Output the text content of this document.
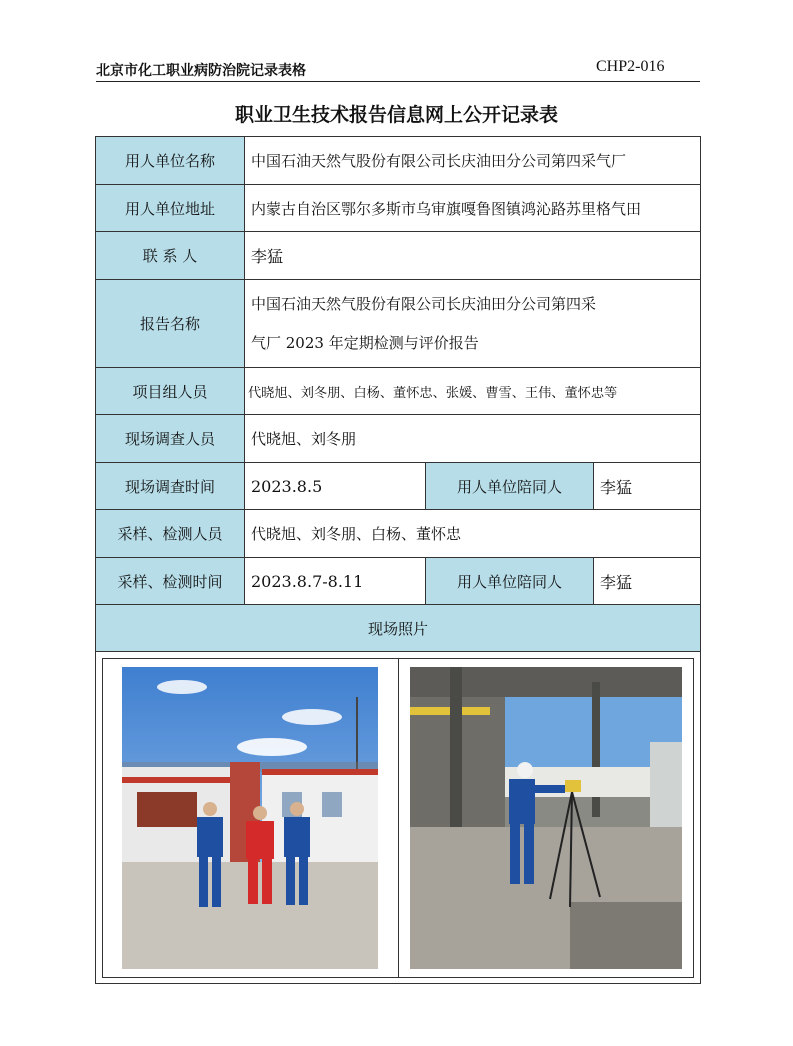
北京市化工职业病防治院记录表格	CHP2-016
职业卫生技术报告信息网上公开记录表
用人单位名称	中国石油天然气股份有限公司长庆油田分公司第四采气厂		
用人单位地址	内蒙古自治区鄂尔多斯市乌审旗嘎鲁图镇鸿沁路苏里格气田		
联 系 人	李猛		
报告名称	中国石油天然气股份有限公司长庆油田分公司第四采
气厂 2023 年定期检测与评价报告		

项目组人员	代晓旭、刘冬朋、白杨、董怀忠、张媛、曹雪、王伟、董怀忠等		
现场调查人员	代晓旭、刘冬朋		
现场调查时间	2023.8.5	用人单位陪同人	李猛
采样、检测人员	代晓旭、刘冬朋、白杨、董怀忠		
采样、检测时间	2023.8.7-8.11	用人单位陪同人	李猛
现场照片			
